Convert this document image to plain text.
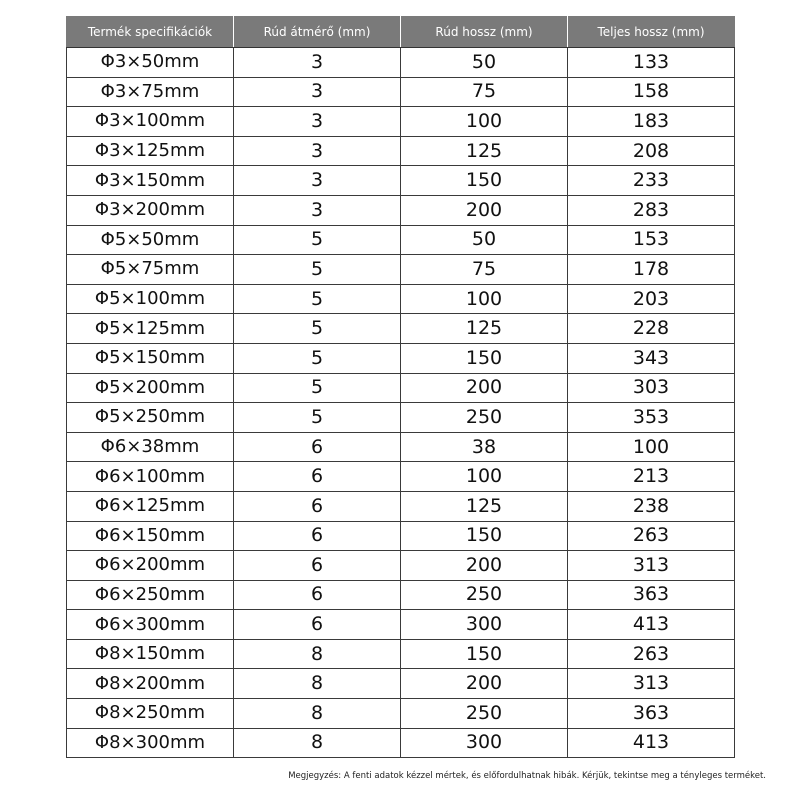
Termék specifikációk	Rúd átmérő (mm)	Rúd hossz (mm)	Teljes hossz (mm)
Φ3×50mm	3	50	133
Φ3×75mm	3	75	158
Φ3×100mm	3	100	183
Φ3×125mm	3	125	208
Φ3×150mm	3	150	233
Φ3×200mm	3	200	283
Φ5×50mm	5	50	153
Φ5×75mm	5	75	178
Φ5×100mm	5	100	203
Φ5×125mm	5	125	228
Φ5×150mm	5	150	343
Φ5×200mm	5	200	303
Φ5×250mm	5	250	353
Φ6×38mm	6	38	100
Φ6×100mm	6	100	213
Φ6×125mm	6	125	238
Φ6×150mm	6	150	263
Φ6×200mm	6	200	313
Φ6×250mm	6	250	363
Φ6×300mm	6	300	413
Φ8×150mm	8	150	263
Φ8×200mm	8	200	313
Φ8×250mm	8	250	363
Φ8×300mm	8	300	413
Megjegyzés: A fenti adatok kézzel mértek, és előfordulhatnak hibák. Kérjük, tekintse meg a tényleges terméket.
